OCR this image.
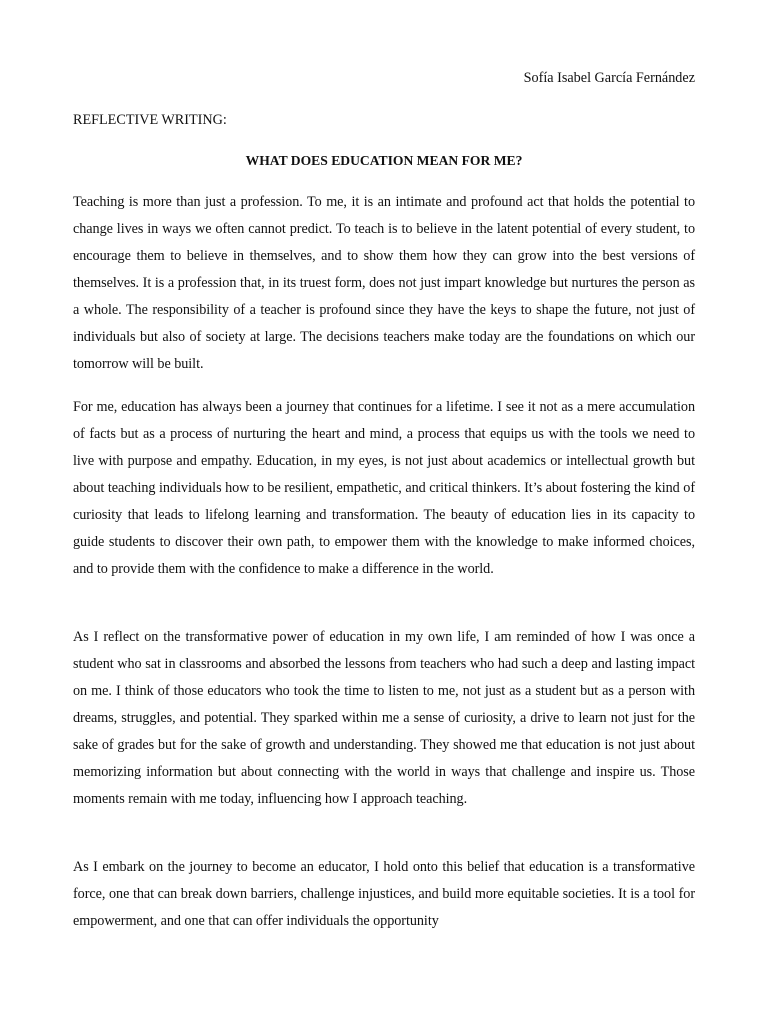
Sofía Isabel García Fernández
REFLECTIVE WRITING:
WHAT DOES EDUCATION MEAN FOR ME?

Teaching is more than just a profession. To me, it is an intimate and profound act that holds the potential to change lives in ways we often cannot predict. To teach is to believe in the latent potential of every student, to encourage them to believe in themselves, and to show them how they can grow into the best versions of themselves. It is a profession that, in its truest form, does not just impart knowledge but nurtures the person as a whole. The responsibility of a teacher is profound since they have the keys to shape the future, not just of individuals but also of society at large. The decisions teachers make today are the foundations on which our tomorrow will be built.

For me, education has always been a journey that continues for a lifetime. I see it not as a mere accumulation of facts but as a process of nurturing the heart and mind, a process that equips us with the tools we need to live with purpose and empathy. Education, in my eyes, is not just about academics or intellectual growth but about teaching individuals how to be resilient, empathetic, and critical thinkers. It’s about fostering the kind of curiosity that leads to lifelong learning and transformation. The beauty of education lies in its capacity to guide students to discover their own path, to empower them with the knowledge to make informed choices, and to provide them with the confidence to make a difference in the world.

As I reflect on the transformative power of education in my own life, I am reminded of how I was once a student who sat in classrooms and absorbed the lessons from teachers who had such a deep and lasting impact on me. I think of those educators who took the time to listen to me, not just as a student but as a person with dreams, struggles, and potential. They sparked within me a sense of curiosity, a drive to learn not just for the sake of grades but for the sake of growth and understanding. They showed me that education is not just about memorizing information but about connecting with the world in ways that challenge and inspire us. Those moments remain with me today, influencing how I approach teaching.

As I embark on the journey to become an educator, I hold onto this belief that education is a transformative force, one that can break down barriers, challenge injustices, and build more equitable societies. It is a tool for empowerment, and one that can offer individuals the opportunity
